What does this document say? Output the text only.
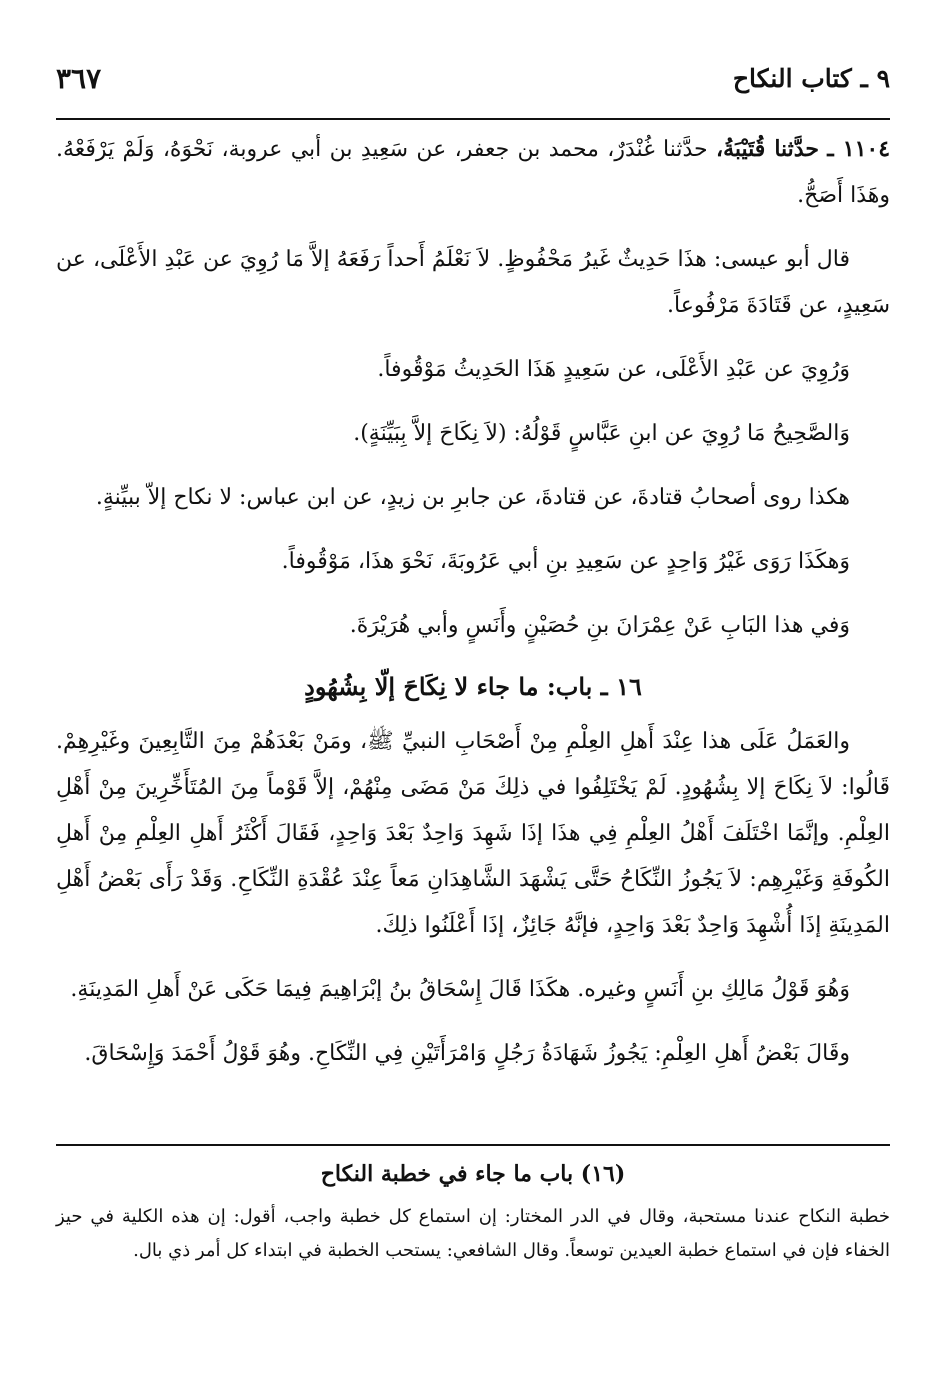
٩ ـ كتاب النكاح
٣٦٧

١١٠٤ ـ حدَّثنا قُتَيْبَةُ، حدَّثنا غُنْدَرٌ، محمد بن جعفر، عن سَعِيدِ بن أبي عروبة، نَحْوَهُ، وَلَمْ يَرْفَعْهُ. وهَذَا أَصَحُّ.

قال أبو عيسى: هذَا حَدِيثٌ غَيرُ مَحْفُوظٍ. لاَ نَعْلَمُ أَحداً رَفَعَهُ إلاَّ مَا رُوِيَ عن عَبْدِ الأَعْلَى، عن سَعِيدٍ، عن قَتَادَةَ مَرْفُوعاً.

وَرُوِيَ عن عَبْدِ الأَعْلَى، عن سَعِيدٍ هَذَا الحَدِيثُ مَوْقُوفاً.

وَالصَّحِيحُ مَا رُوِيَ عن ابنِ عَبَّاسٍ قَوْلُهُ: (لاَ نِكَاحَ إلاَّ بِبَيِّنَةٍ).

هكذا روى أصحابُ قتادةَ، عن قتادةَ، عن جابرِ بن زيدٍ، عن ابن عباس: لا نكاح إلاّ ببيِّنةٍ.

وَهكَذَا رَوَى غَيْرُ وَاحِدٍ عن سَعِيدِ بنِ أبي عَرُوبَةَ، نَحْوَ هذَا، مَوْقُوفاً.

وَفي هذا البَابِ عَنْ عِمْرَانَ بنِ حُصَيْنٍ وأَنَسٍ وأبي هُرَيْرَةَ.

١٦ ـ باب: ما جاء لا نِكَاحَ إلّا بِشُهُودٍ

والعَمَلُ عَلَى هذا عِنْدَ أَهلِ العِلْمِ مِنْ أَصْحَابِ النبيِّ ﷺ، ومَنْ بَعْدَهُمْ مِنَ التَّابِعِينَ وغَيْرِهِمْ. قَالُوا: لاَ نِكَاحَ إلا بِشُهُودٍ. لَمْ يَخْتَلِفُوا في ذلِكَ مَنْ مَضَى مِنْهُمْ، إلاَّ قَوْماً مِنَ المُتَأَخِّرِينَ مِنْ أَهْلِ العِلْمِ. وإنَّمَا اخْتَلَفَ أَهْلُ العِلْمِ فِي هذَا إذَا شَهِدَ وَاحِدٌ بَعْدَ وَاحِدٍ، فَقَالَ أَكْثَرُ أَهلِ العِلْمِ مِنْ أَهلِ الكُوفَةِ وَغَيْرِهِم: لاَ يَجُوزُ النِّكَاحُ حَتَّى يَشْهَدَ الشَّاهِدَانِ مَعاً عِنْدَ عُقْدَةِ النِّكَاحِ. وَقَدْ رَأَى بَعْضُ أَهْلِ المَدِينَةِ إذَا أُشْهِدَ وَاحِدٌ بَعْدَ وَاحِدٍ، فإنَّهُ جَائِزٌ، إذَا أَعْلَنُوا ذلِكَ.

وَهُوَ قَوْلُ مَالِكِ بنِ أَنَسٍ وغيره. هكَذَا قَالَ إِسْحَاقُ بنُ إبْرَاهِيمَ فِيمَا حَكَى عَنْ أَهلِ المَدِينَةِ.

وقَالَ بَعْضُ أَهلِ العِلْمِ: يَجُوزُ شَهَادَةُ رَجُلٍ وَامْرَأَتَيْنِ فِي النِّكَاحِ. وهُوَ قَوْلُ أَحْمَدَ وَإِسْحَاقَ.

(١٦) باب ما جاء في خطبة النكاح

خطبة النكاح عندنا مستحبة، وقال في الدر المختار: إن استماع كل خطبة واجب، أقول: إن هذه الكلية في حيز الخفاء فإن في استماع خطبة العيدين توسعاً. وقال الشافعي: يستحب الخطبة في ابتداء كل أمر ذي بال.
